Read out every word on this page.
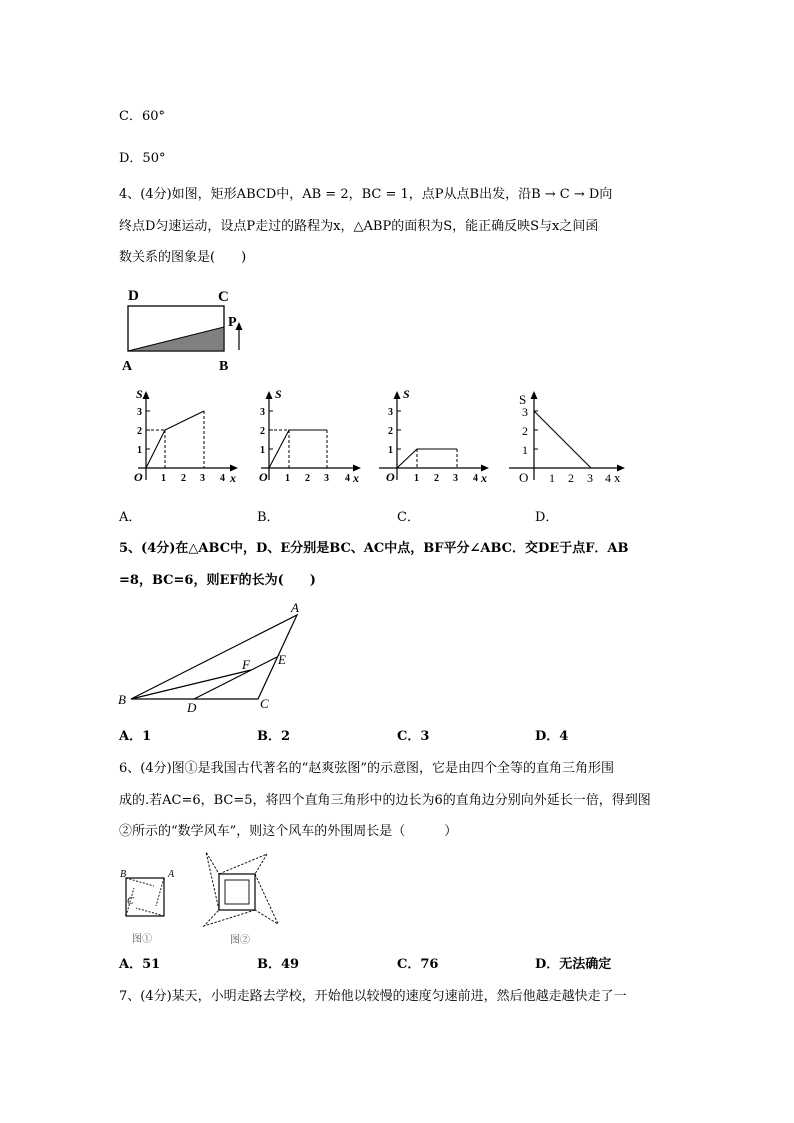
C．60°
D．50°
4、(4分)如图，矩形ABCD中，AB = 2，BC = 1，点P从点B出发，沿B → C → D向
终点D匀速运动，设点P走过的路程为x，△ABP的面积为S，能正确反映S与x之间函
数关系的图象是(　　)
D	C
P
A	B
S
O	x
1
2
3
1 2 3 4
S
O	x
1
2
3
1 2 3 4
S
O	x
1
2
3
1 2 3 4
S
O	x
1
2
3
1 2 3 4
A．	B．	C．	D．
5、(4分)在△ABC中，D、E分别是BC、AC中点，BF平分∠ABC．交DE于点F．AB
=8，BC=6，则EF的长为(　　)
A
B	C
D
E
F
A．1	B．2	C．3	D．4
6、(4分)图①是我国古代著名的“赵爽弦图”的示意图，它是由四个全等的直角三角形围
成的.若AC=6，BC=5，将四个直角三角形中的边长为6的直角边分别向外延长一倍，得到图
②所示的“数学风车”，则这个风车的外围周长是（　　　）
B	A
C
图①	图②
A．51	B．49	C．76	D．无法确定
7、(4分)某天，小明走路去学校，开始他以较慢的速度匀速前进，然后他越走越快走了一
